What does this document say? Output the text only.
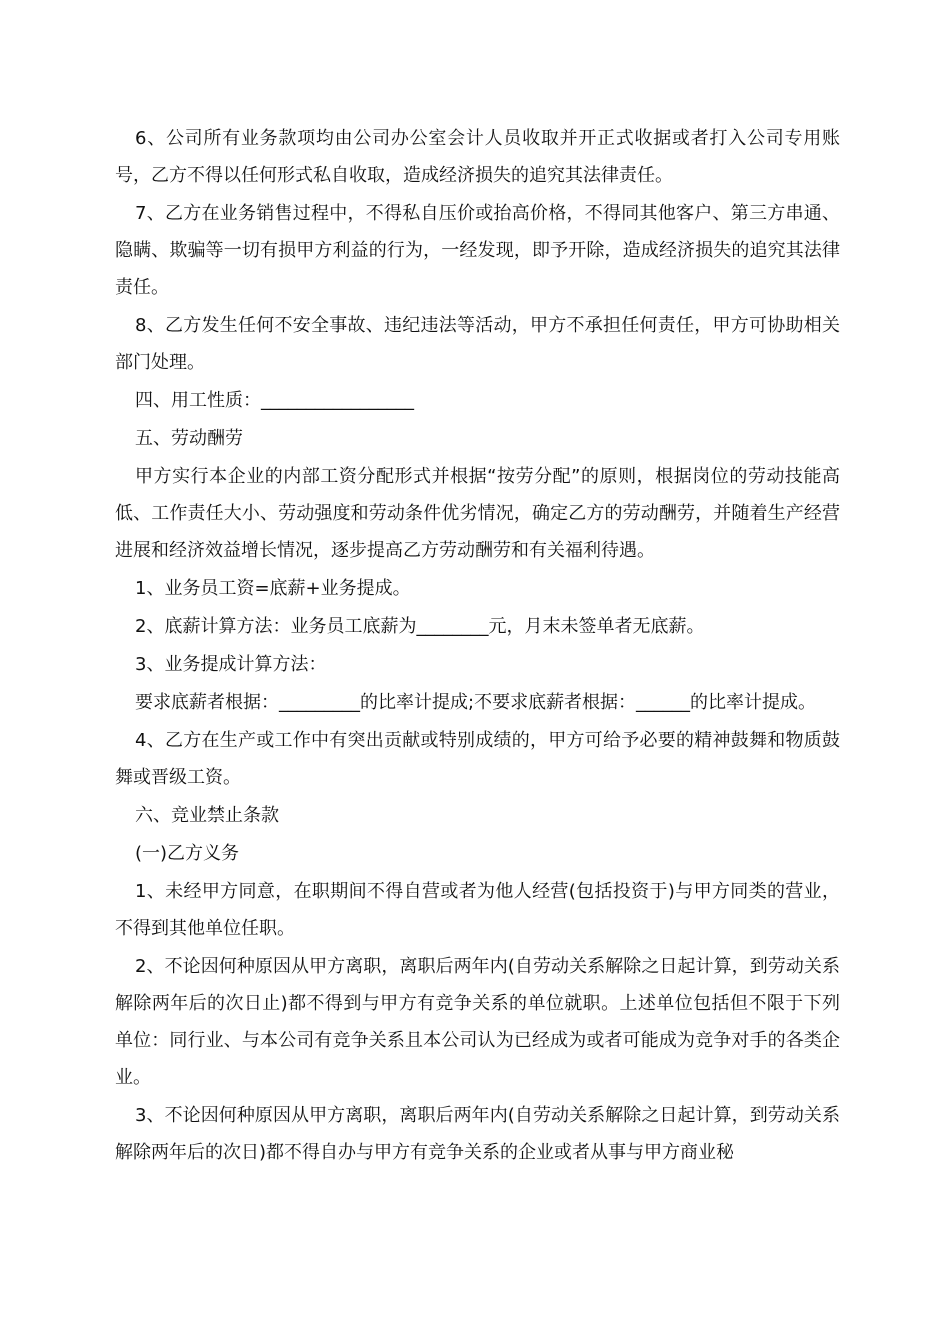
6、公司所有业务款项均由公司办公室会计人员收取并开正式收据或者打入公司专用账号，乙方不得以任何形式私自收取，造成经济损失的追究其法律责任。

7、乙方在业务销售过程中，不得私自压价或抬高价格，不得同其他客户、第三方串通、隐瞒、欺骗等一切有损甲方利益的行为，一经发现，即予开除，造成经济损失的追究其法律责任。

8、乙方发生任何不安全事故、违纪违法等活动，甲方不承担任何责任，甲方可协助相关部门处理。

四、用工性质：_________________

五、劳动酬劳

甲方实行本企业的内部工资分配形式并根据“按劳分配”的原则，根据岗位的劳动技能高低、工作责任大小、劳动强度和劳动条件优劣情况，确定乙方的劳动酬劳，并随着生产经营进展和经济效益增长情况，逐步提高乙方劳动酬劳和有关福利待遇。

1、业务员工资=底薪+业务提成。

2、底薪计算方法：业务员工底薪为________元，月末未签单者无底薪。

3、业务提成计算方法：

要求底薪者根据：_________的比率计提成;不要求底薪者根据：______的比率计提成。

4、乙方在生产或工作中有突出贡献或特别成绩的，甲方可给予必要的精神鼓舞和物质鼓舞或晋级工资。

六、竞业禁止条款

(一)乙方义务

1、未经甲方同意，在职期间不得自营或者为他人经营(包括投资于)与甲方同类的营业，不得到其他单位任职。

2、不论因何种原因从甲方离职，离职后两年内(自劳动关系解除之日起计算，到劳动关系解除两年后的次日止)都不得到与甲方有竞争关系的单位就职。上述单位包括但不限于下列单位：同行业、与本公司有竞争关系且本公司认为已经成为或者可能成为竞争对手的各类企业。

3、不论因何种原因从甲方离职，离职后两年内(自劳动关系解除之日起计算，到劳动关系解除两年后的次日)都不得自办与甲方有竞争关系的企业或者从事与甲方商业秘
